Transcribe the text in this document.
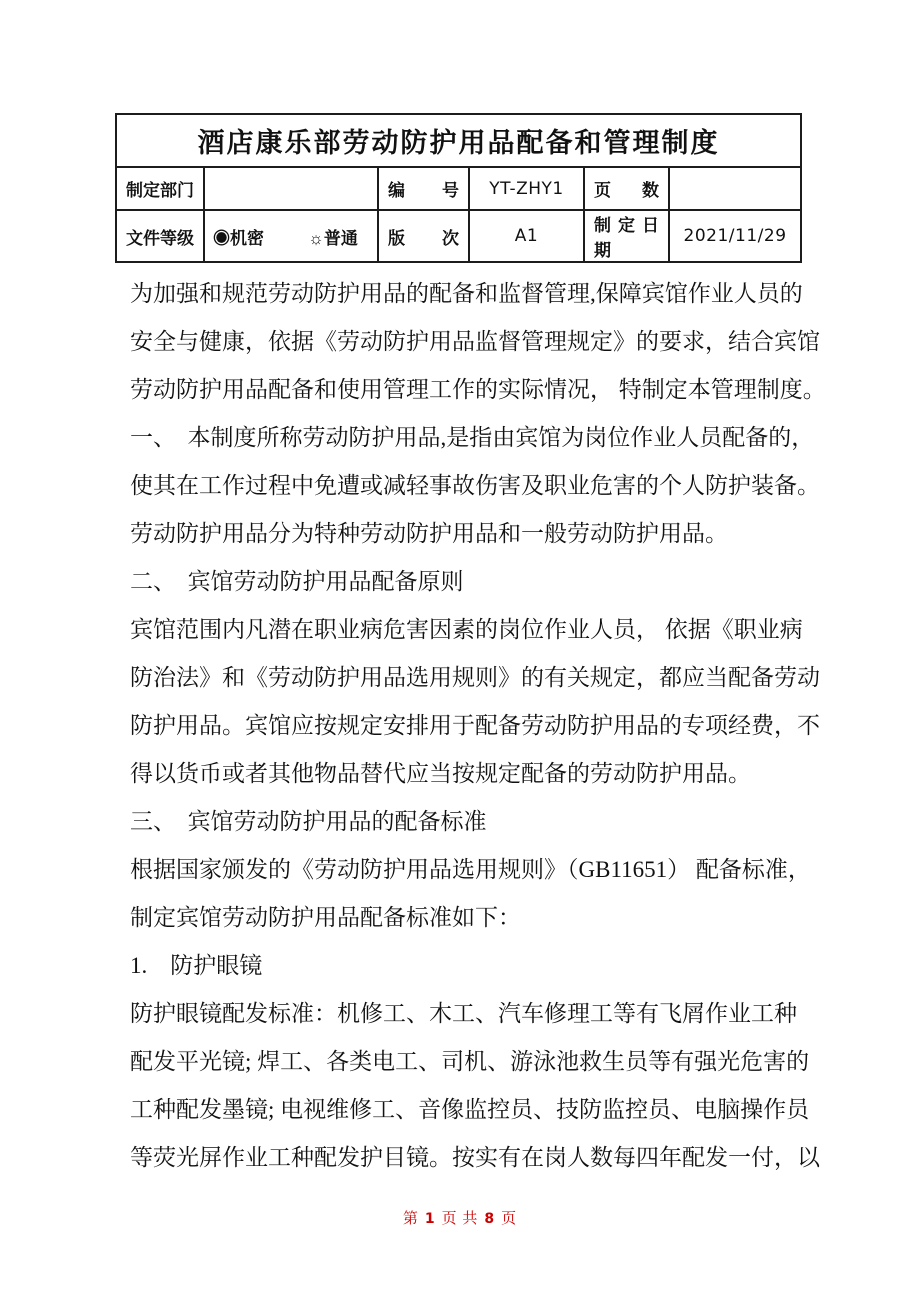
酒店康乐部劳动防护用品配备和管理制度					
制定部门		编 号	YT-ZHY1	页 数	
文件等级	◉机密 ☼普通	版 次	A1	制定日期	2021/11/29
为加强和规范劳动防护用品的配备和监督管理,保障宾馆作业人员的
安全与健康，依据《劳动防护用品监督管理规定》的要求，结合宾馆
劳动防护用品配备和使用管理工作的实际情况， 特制定本管理制度。
一、　本制度所称劳动防护用品,是指由宾馆为岗位作业人员配备的，
使其在工作过程中免遭或减轻事故伤害及职业危害的个人防护装备。
劳动防护用品分为特种劳动防护用品和一般劳动防护用品。
二、　宾馆劳动防护用品配备原则
宾馆范围内凡潜在职业病危害因素的岗位作业人员， 依据《职业病
防治法》和《劳动防护用品选用规则》的有关规定，都应当配备劳动
防护用品。宾馆应按规定安排用于配备劳动防护用品的专项经费，不
得以货币或者其他物品替代应当按规定配备的劳动防护用品。
三、　宾馆劳动防护用品的配备标准
根据国家颁发的《劳动防护用品选用规则》（GB11651） 配备标准，
制定宾馆劳动防护用品配备标准如下：
1.　防护眼镜
防护眼镜配发标准：机修工、木工、汽车修理工等有飞屑作业工种
配发平光镜; 焊工、各类电工、司机、游泳池救生员等有强光危害的
工种配发墨镜; 电视维修工、音像监控员、技防监控员、电脑操作员
等荧光屏作业工种配发护目镜。按实有在岗人数每四年配发一付，以
第 1 页 共 8 页
